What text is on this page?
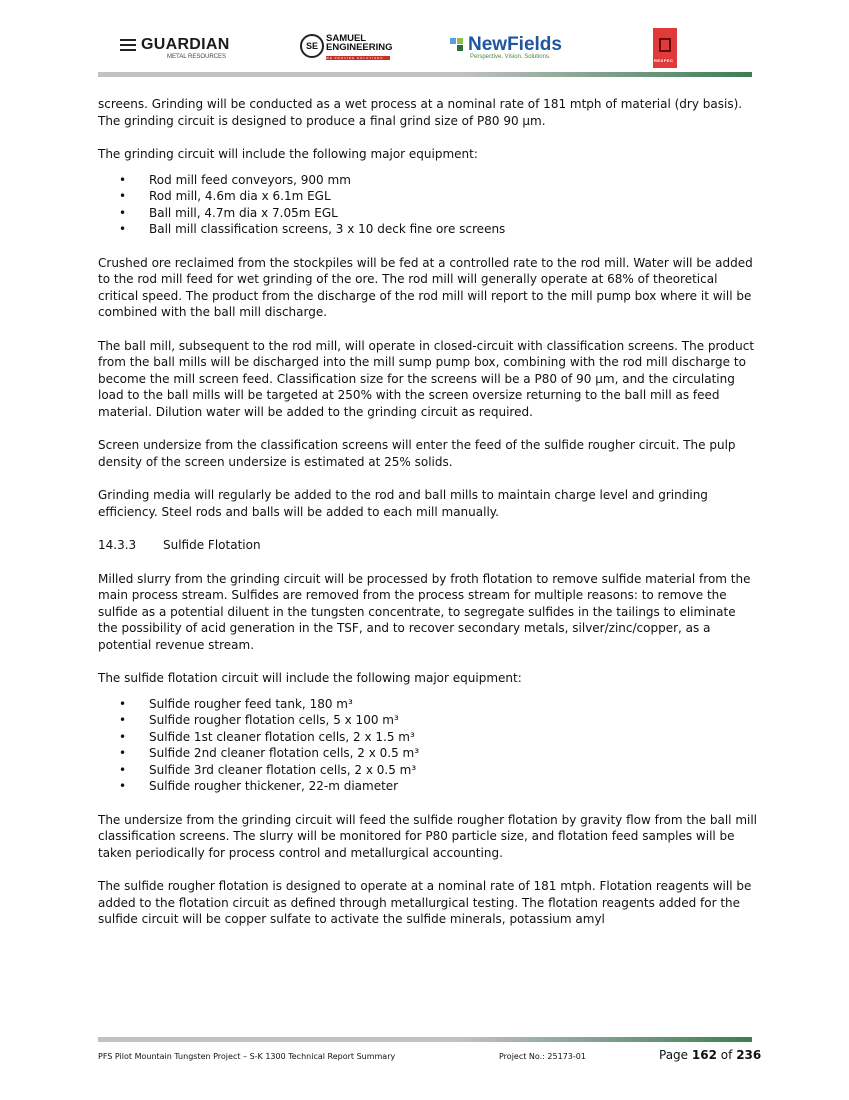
GUARDIAN
METAL RESOURCES
SE
SAMUEL
ENGINEERING
WE PROVIDE SOLUTIONS
NewFields
Perspective. Vision. Solutions.
RESPEC

screens. Grinding will be conducted as a wet process at a nominal rate of 181 mtph of material (dry basis). The grinding circuit is designed to produce a final grind size of P80 90 µm.

The grinding circuit will include the following major equipment:

• Rod mill feed conveyors, 900 mm
• Rod mill, 4.6m dia x 6.1m EGL
• Ball mill, 4.7m dia x 7.05m EGL
• Ball mill classification screens, 3 x 10 deck fine ore screens

Crushed ore reclaimed from the stockpiles will be fed at a controlled rate to the rod mill. Water will be added to the rod mill feed for wet grinding of the ore. The rod mill will generally operate at 68% of theoretical critical speed. The product from the discharge of the rod mill will report to the mill pump box where it will be combined with the ball mill discharge.

The ball mill, subsequent to the rod mill, will operate in closed-circuit with classification screens. The product from the ball mills will be discharged into the mill sump pump box, combining with the rod mill discharge to become the mill screen feed. Classification size for the screens will be a P80 of 90 µm, and the circulating load to the ball mills will be targeted at 250% with the screen oversize returning to the ball mill as feed material. Dilution water will be added to the grinding circuit as required.

Screen undersize from the classification screens will enter the feed of the sulfide rougher circuit. The pulp density of the screen undersize is estimated at 25% solids.

Grinding media will regularly be added to the rod and ball mills to maintain charge level and grinding efficiency. Steel rods and balls will be added to each mill manually.

14.3.3 Sulfide Flotation

Milled slurry from the grinding circuit will be processed by froth flotation to remove sulfide material from the main process stream. Sulfides are removed from the process stream for multiple reasons: to remove the sulfide as a potential diluent in the tungsten concentrate, to segregate sulfides in the tailings to eliminate the possibility of acid generation in the TSF, and to recover secondary metals, silver/zinc/copper, as a potential revenue stream.

The sulfide flotation circuit will include the following major equipment:

• Sulfide rougher feed tank, 180 m³
• Sulfide rougher flotation cells, 5 x 100 m³
• Sulfide 1st cleaner flotation cells, 2 x 1.5 m³
• Sulfide 2nd cleaner flotation cells, 2 x 0.5 m³
• Sulfide 3rd cleaner flotation cells, 2 x 0.5 m³
• Sulfide rougher thickener, 22-m diameter

The undersize from the grinding circuit will feed the sulfide rougher flotation by gravity flow from the ball mill classification screens. The slurry will be monitored for P80 particle size, and flotation feed samples will be taken periodically for process control and metallurgical accounting.

The sulfide rougher flotation is designed to operate at a nominal rate of 181 mtph. Flotation reagents will be added to the flotation circuit as defined through metallurgical testing. The flotation reagents added for the sulfide circuit will be copper sulfate to activate the sulfide minerals, potassium amyl

PFS Pilot Mountain Tungsten Project – S-K 1300 Technical Report Summary	Project No.: 25173-01	Page 162 of 236
